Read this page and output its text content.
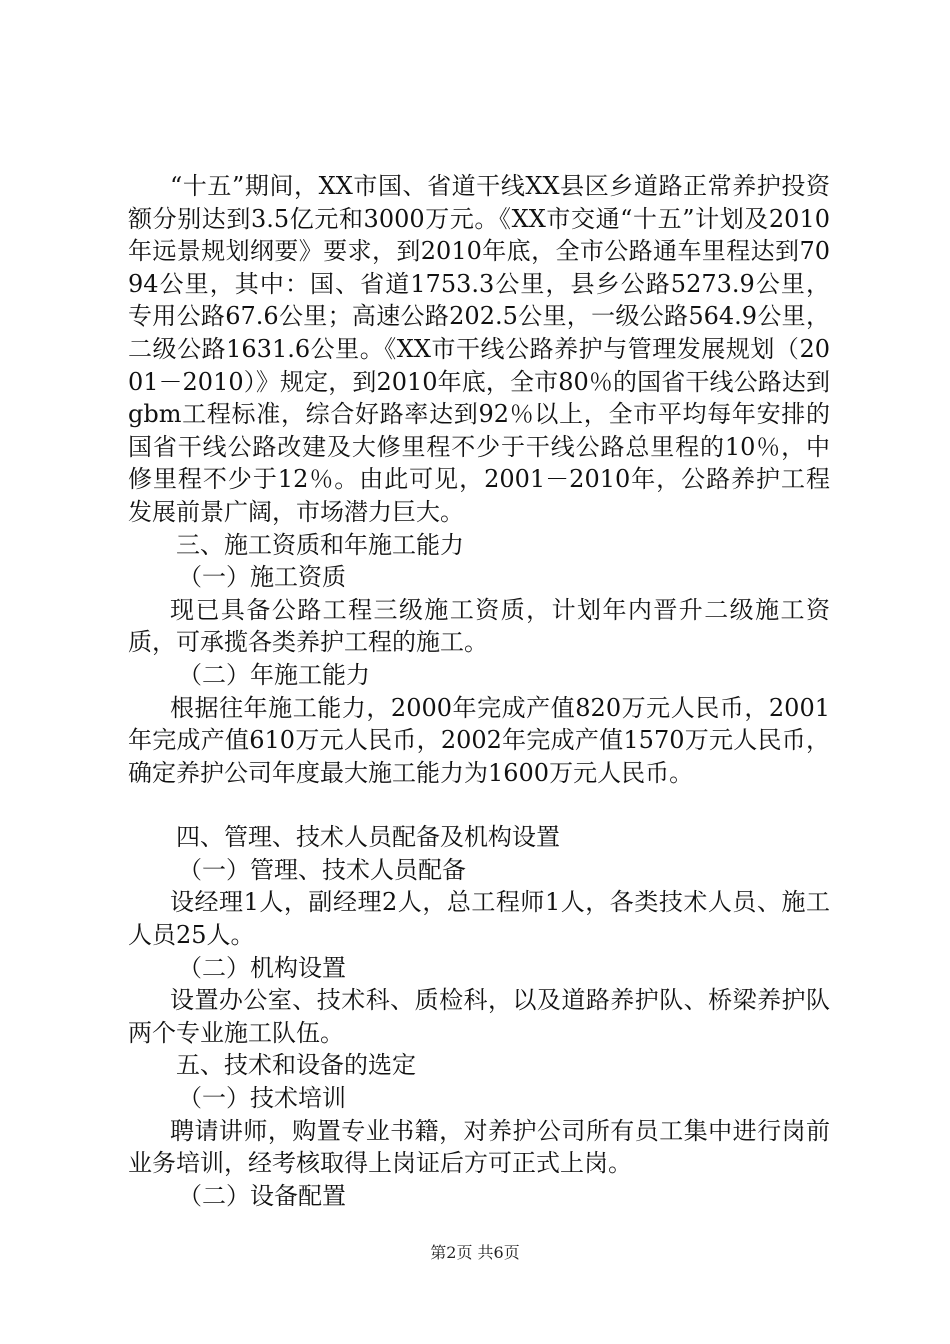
“十五”期间，XX市国、省道干线XX县区乡道路正常养护投资额分别达到3.5亿元和3000万元。《XX市交通“十五”计划及2010年远景规划纲要》要求，到2010年底，全市公路通车里程达到7094公里，其中：国、省道1753.3公里，县乡公路5273.9公里，专用公路67.6公里；高速公路202.5公里，一级公路564.9公里，二级公路1631.6公里。《XX市干线公路养护与管理发展规划（2001－2010）》规定，到2010年底，全市80％的国省干线公路达到gbm工程标准，综合好路率达到92％以上，全市平均每年安排的国省干线公路改建及大修里程不少于干线公路总里程的10％，中修里程不少于12％。由此可见，2001－2010年，公路养护工程发展前景广阔，市场潜力巨大。

三、施工资质和年施工能力

（一）施工资质

现已具备公路工程三级施工资质，计划年内晋升二级施工资质，可承揽各类养护工程的施工。

（二）年施工能力

根据往年施工能力，2000年完成产值820万元人民币，2001年完成产值610万元人民币，2002年完成产值1570万元人民币，确定养护公司年度最大施工能力为1600万元人民币。

四、管理、技术人员配备及机构设置

（一）管理、技术人员配备

设经理1人，副经理2人，总工程师1人，各类技术人员、施工人员25人。

（二）机构设置

设置办公室、技术科、质检科，以及道路养护队、桥梁养护队两个专业施工队伍。

五、技术和设备的选定

（一）技术培训

聘请讲师，购置专业书籍，对养护公司所有员工集中进行岗前业务培训，经考核取得上岗证后方可正式上岗。

（二）设备配置

第2页 共6页
